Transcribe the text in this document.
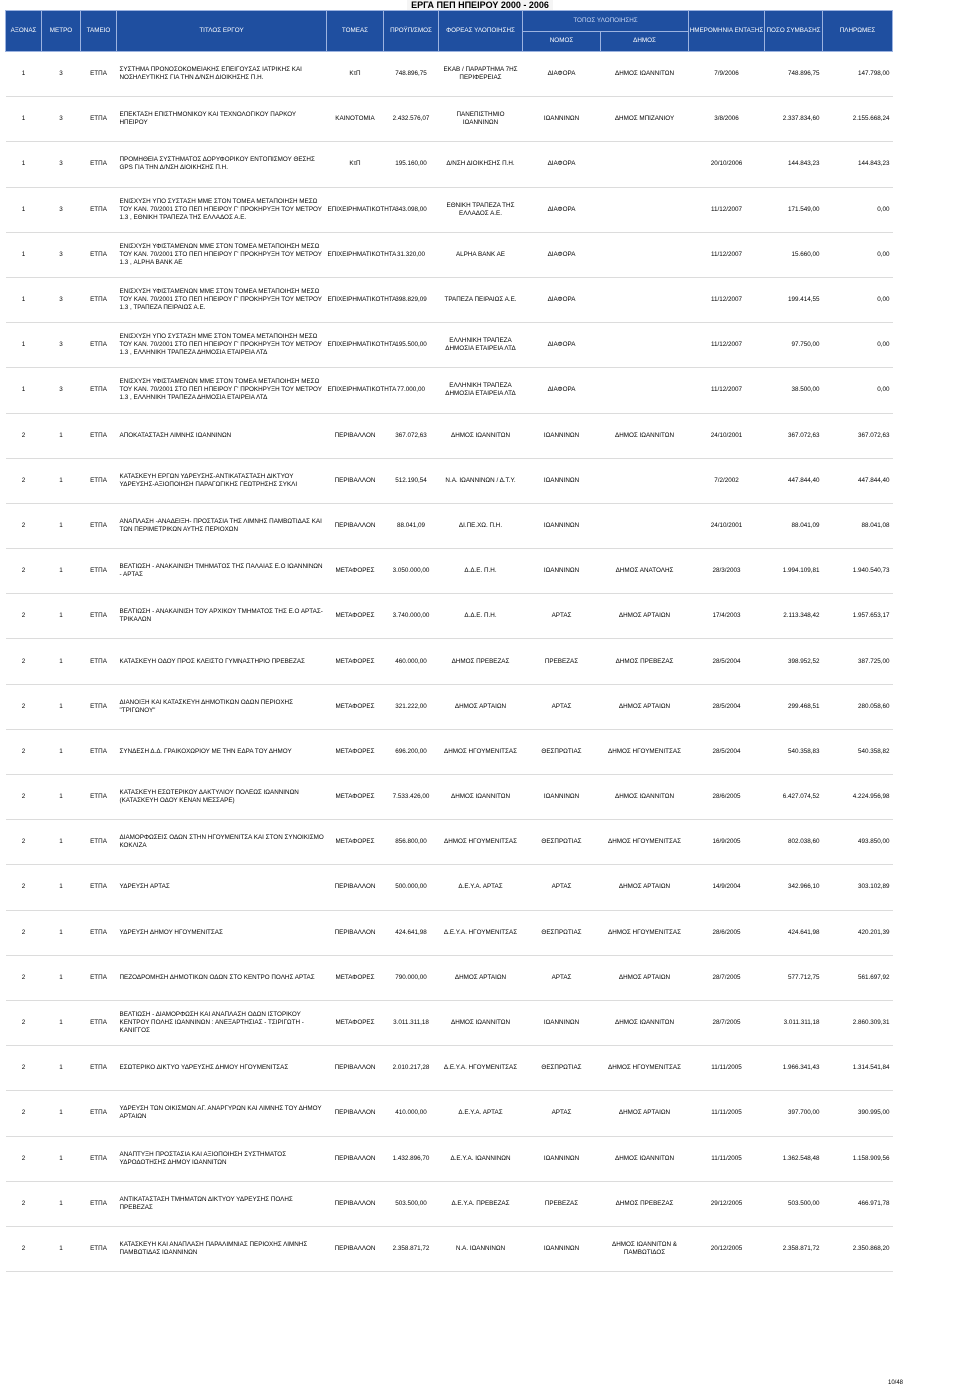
ΕΡΓΑ ΠΕΠ ΗΠΕΙΡΟΥ 2000 - 2006
ΑΞΟΝΑΣ	ΜΕΤΡΟ	ΤΑΜΕΙΟ	ΤΙΤΛΟΣ ΕΡΓΟΥ	ΤΟΜΕΑΣ	ΠΡΟΫΠ/ΣΜΟΣ	ΦΟΡΕΑΣ ΥΛΟΠΟΙΗΣΗΣ	ΤΟΠΟΣ ΥΛΟΠΟΙΗΣΗΣ		ΗΜΕΡΟΜΗΝΙΑ ΕΝΤΑΞΗΣ	ΠΟΣΟ ΣΥΜΒΑΣΗΣ	ΠΛΗΡΩΜΕΣ
							ΝΟΜΟΣ	ΔΗΜΟΣ			
1	3	ΕΤΠΑ	ΣΥΣΤΗΜΑ ΠΡΟΝΟΣΟΚΟΜΕΙΑΚΗΣ ΕΠΕΙΓΟΥΣΑΣ ΙΑΤΡΙΚΗΣ ΚΑΙ ΝΟΣΗΛΕΥΤΙΚΗΣ ΓΙΑ ΤΗΝ Δ/ΝΣΗ ΔΙΟΙΚΗΣΗΣ Π.Η.	ΚτΠ	748.896,75	ΕΚΑΒ / ΠΑΡΑΡΤΗΜΑ 7ΗΣ ΠΕΡΙΦΕΡΕΙΑΣ	ΔΙΑΦΟΡΑ	ΔΗΜΟΣ ΙΩΑΝΝΙΤΩΝ	7/9/2006	748.896,75	147.798,00
1	3	ΕΤΠΑ	ΕΠΕΚΤΑΣΗ ΕΠΙΣΤΗΜΟΝΙΚΟΥ ΚΑΙ ΤΕΧΝΟΛΟΓΙΚΟΥ ΠΑΡΚΟΥ ΗΠΕΙΡΟΥ	ΚΑΙΝΟΤΟΜΙΑ	2.432.576,07	ΠΑΝΕΠΙΣΤΗΜΙΟ ΙΩΑΝΝΙΝΩΝ	ΙΩΑΝΝΙΝΩΝ	ΔΗΜΟΣ ΜΠΙΖΑΝΙΟΥ	3/8/2006	2.337.834,60	2.155.668,24
1	3	ΕΤΠΑ	ΠΡΟΜΗΘΕΙΑ ΣΥΣΤΗΜΑΤΟΣ ΔΟΡΥΦΟΡΙΚΟΥ ΕΝΤΟΠΙΣΜΟΥ ΘΕΣΗΣ GPS ΓΙΑ ΤΗΝ Δ/ΝΣΗ ΔΙΟΙΚΗΣΗΣ Π.Η.	ΚτΠ	195.160,00	Δ/ΝΣΗ ΔΙΟΙΚΗΣΗΣ Π.Η.	ΔΙΑΦΟΡΑ		20/10/2006	144.843,23	144.843,23
1	3	ΕΤΠΑ	ΕΝΙΣΧΥΣΗ ΥΠΟ ΣΥΣΤΑΣΗ ΜΜΕ ΣΤΟΝ ΤΟΜΕΑ ΜΕΤΑΠΟΙΗΣΗ ΜΕΣΩ ΤΟΥ ΚΑΝ. 70/2001 ΣΤΟ ΠΕΠ ΗΠΕΙΡΟΥ Γ' ΠΡΟΚΗΡΥΞΗ ΤΟΥ ΜΕΤΡΟΥ 1.3 , ΕΘΝΙΚΗ ΤΡΑΠΕΖΑ ΤΗΣ ΕΛΛΑΔΟΣ Α.Ε.	ΕΠΙΧΕΙΡΗΜΑΤΙΚΟΤΗΤΑ	343.098,00	ΕΘΝΙΚΗ ΤΡΑΠΕΖΑ ΤΗΣ ΕΛΛΑΔΟΣ Α.Ε.	ΔΙΑΦΟΡΑ		11/12/2007	171.549,00	0,00
1	3	ΕΤΠΑ	ΕΝΙΣΧΥΣΗ ΥΦΙΣΤΑΜΕΝΩΝ ΜΜΕ ΣΤΟΝ ΤΟΜΕΑ ΜΕΤΑΠΟΙΗΣΗ ΜΕΣΩ ΤΟΥ ΚΑΝ. 70/2001 ΣΤΟ ΠΕΠ ΗΠΕΙΡΟΥ Γ' ΠΡΟΚΗΡΥΞΗ ΤΟΥ ΜΕΤΡΟΥ 1.3 , ALPHA BANK AE	ΕΠΙΧΕΙΡΗΜΑΤΙΚΟΤΗΤΑ	31.320,00	ALPHA BANK AE	ΔΙΑΦΟΡΑ		11/12/2007	15.660,00	0,00
1	3	ΕΤΠΑ	ΕΝΙΣΧΥΣΗ ΥΦΙΣΤΑΜΕΝΩΝ ΜΜΕ ΣΤΟΝ ΤΟΜΕΑ ΜΕΤΑΠΟΙΗΣΗ ΜΕΣΩ ΤΟΥ ΚΑΝ. 70/2001 ΣΤΟ ΠΕΠ ΗΠΕΙΡΟΥ Γ' ΠΡΟΚΗΡΥΞΗ ΤΟΥ ΜΕΤΡΟΥ 1.3 , ΤΡΑΠΕΖΑ ΠΕΙΡΑΙΩΣ Α.Ε.	ΕΠΙΧΕΙΡΗΜΑΤΙΚΟΤΗΤΑ	398.829,09	ΤΡΑΠΕΖΑ ΠΕΙΡΑΙΩΣ Α.Ε.	ΔΙΑΦΟΡΑ		11/12/2007	199.414,55	0,00
1	3	ΕΤΠΑ	ΕΝΙΣΧΥΣΗ ΥΠΟ ΣΥΣΤΑΣΗ ΜΜΕ ΣΤΟΝ ΤΟΜΕΑ ΜΕΤΑΠΟΙΗΣΗ ΜΕΣΩ ΤΟΥ ΚΑΝ. 70/2001 ΣΤΟ ΠΕΠ ΗΠΕΙΡΟΥ Γ' ΠΡΟΚΗΡΥΞΗ ΤΟΥ ΜΕΤΡΟΥ 1.3 , ΕΛΛΗΝΙΚΗ ΤΡΑΠΕΖΑ ΔΗΜΟΣΙΑ ΕΤΑΙΡΕΙΑ ΛΤΔ	ΕΠΙΧΕΙΡΗΜΑΤΙΚΟΤΗΤΑ	195.500,00	ΕΛΛΗΝΙΚΗ ΤΡΑΠΕΖΑ ΔΗΜΟΣΙΑ ΕΤΑΙΡΕΙΑ ΛΤΔ	ΔΙΑΦΟΡΑ		11/12/2007	97.750,00	0,00
1	3	ΕΤΠΑ	ΕΝΙΣΧΥΣΗ ΥΦΙΣΤΑΜΕΝΩΝ ΜΜΕ ΣΤΟΝ ΤΟΜΕΑ ΜΕΤΑΠΟΙΗΣΗ ΜΕΣΩ ΤΟΥ ΚΑΝ. 70/2001 ΣΤΟ ΠΕΠ ΗΠΕΙΡΟΥ Γ' ΠΡΟΚΗΡΥΞΗ ΤΟΥ ΜΕΤΡΟΥ 1.3 , ΕΛΛΗΝΙΚΗ ΤΡΑΠΕΖΑ ΔΗΜΟΣΙΑ ΕΤΑΙΡΕΙΑ ΛΤΔ	ΕΠΙΧΕΙΡΗΜΑΤΙΚΟΤΗΤΑ	77.000,00	ΕΛΛΗΝΙΚΗ ΤΡΑΠΕΖΑ ΔΗΜΟΣΙΑ ΕΤΑΙΡΕΙΑ ΛΤΔ	ΔΙΑΦΟΡΑ		11/12/2007	38.500,00	0,00
2	1	ΕΤΠΑ	ΑΠΟΚΑΤΑΣΤΑΣΗ ΛΙΜΝΗΣ ΙΩΑΝΝΙΝΩΝ	ΠΕΡΙΒΑΛΛΟΝ	367.072,63	ΔΗΜΟΣ ΙΩΑΝΝΙΤΩΝ	ΙΩΑΝΝΙΝΩΝ	ΔΗΜΟΣ ΙΩΑΝΝΙΤΩΝ	24/10/2001	367.072,63	367.072,63
2	1	ΕΤΠΑ	ΚΑΤΑΣΚΕΥΗ ΕΡΓΩΝ ΥΔΡΕΥΣΗΣ-ΑΝΤΙΚΑΤΑΣΤΑΣΗ ΔΙΚΤΥΟΥ ΥΔΡΕΥΣΗΣ-ΑΞΙΟΠΟΙΗΣΗ ΠΑΡΑΓΩΓΙΚΗΣ ΓΕΩΤΡΗΣΗΣ ΣΥΚΛΙ	ΠΕΡΙΒΑΛΛΟΝ	512.190,54	Ν.Α. ΙΩΑΝΝΙΝΩΝ / Δ.Τ.Υ.	ΙΩΑΝΝΙΝΩΝ		7/2/2002	447.844,40	447.844,40
2	1	ΕΤΠΑ	ΑΝΑΠΛΑΣΗ -ΑΝΑΔΕΙΞΗ- ΠΡΟΣΤΑΣΙΑ ΤΗΣ ΛΙΜΝΗΣ ΠΑΜΒΩΤΙΔΑΣ ΚΑΙ ΤΩΝ ΠΕΡΙΜΕΤΡΙΚΩΝ ΑΥΤΗΣ ΠΕΡΙΟΧΩΝ	ΠΕΡΙΒΑΛΛΟΝ	88.041,09	ΔΙ.ΠΕ.ΧΩ. Π.Η.	ΙΩΑΝΝΙΝΩΝ		24/10/2001	88.041,09	88.041,08
2	1	ΕΤΠΑ	ΒΕΛΤΙΩΣΗ - ΑΝΑΚΑΙΝΙΣΗ ΤΜΗΜΑΤΟΣ ΤΗΣ ΠΑΛΑΙΑΣ Ε.Ο ΙΩΑΝΝΙΝΩΝ - ΑΡΤΑΣ	ΜΕΤΑΦΟΡΕΣ	3.050.000,00	Δ.Δ.Ε. Π.Η.	ΙΩΑΝΝΙΝΩΝ	ΔΗΜΟΣ ΑΝΑΤΟΛΗΣ	28/3/2003	1.994.109,81	1.940.540,73
2	1	ΕΤΠΑ	ΒΕΛΤΙΩΣΗ - ΑΝΑΚΑΙΝΙΣΗ ΤΟΥ ΑΡΧΙΚΟΥ ΤΜΗΜΑΤΟΣ ΤΗΣ Ε.Ο ΑΡΤΑΣ-ΤΡΙΚΑΛΩΝ	ΜΕΤΑΦΟΡΕΣ	3.740.000,00	Δ.Δ.Ε. Π.Η.	ΑΡΤΑΣ	ΔΗΜΟΣ ΑΡΤΑΙΩΝ	17/4/2003	2.113.348,42	1.957.653,17
2	1	ΕΤΠΑ	ΚΑΤΑΣΚΕΥΗ ΟΔΟΥ ΠΡΟΣ ΚΛΕΙΣΤΟ ΓΥΜΝΑΣΤΗΡΙΟ ΠΡΕΒΕΖΑΣ	ΜΕΤΑΦΟΡΕΣ	460.000,00	ΔΗΜΟΣ ΠΡΕΒΕΖΑΣ	ΠΡΕΒΕΖΑΣ	ΔΗΜΟΣ ΠΡΕΒΕΖΑΣ	28/5/2004	398.952,52	387.725,00
2	1	ΕΤΠΑ	ΔΙΑΝΟΙΞΗ ΚΑΙ ΚΑΤΑΣΚΕΥΗ ΔΗΜΟΤΙΚΩΝ ΟΔΩΝ ΠΕΡΙΟΧΗΣ "ΤΡΙΓΩΝΟΥ"	ΜΕΤΑΦΟΡΕΣ	321.222,00	ΔΗΜΟΣ ΑΡΤΑΙΩΝ	ΑΡΤΑΣ	ΔΗΜΟΣ ΑΡΤΑΙΩΝ	28/5/2004	299.468,51	280.058,60
2	1	ΕΤΠΑ	ΣΥΝΔΕΣΗ Δ.Δ. ΓΡΑΙΚΟΧΩΡΙΟΥ ΜΕ ΤΗΝ ΕΔΡΑ ΤΟΥ ΔΗΜΟΥ	ΜΕΤΑΦΟΡΕΣ	696.200,00	ΔΗΜΟΣ ΗΓΟΥΜΕΝΙΤΣΑΣ	ΘΕΣΠΡΩΤΙΑΣ	ΔΗΜΟΣ ΗΓΟΥΜΕΝΙΤΣΑΣ	28/5/2004	540.358,83	540.358,82
2	1	ΕΤΠΑ	ΚΑΤΑΣΚΕΥΗ ΕΣΩΤΕΡΙΚΟΥ ΔΑΚΤΥΛΙΟΥ ΠΟΛΕΩΣ ΙΩΑΝΝΙΝΩΝ (ΚΑΤΑΣΚΕΥΗ ΟΔΟΥ ΚΕΝΑΝ ΜΕΣΣΑΡΕ)	ΜΕΤΑΦΟΡΕΣ	7.533.426,00	ΔΗΜΟΣ ΙΩΑΝΝΙΤΩΝ	ΙΩΑΝΝΙΝΩΝ	ΔΗΜΟΣ ΙΩΑΝΝΙΤΩΝ	28/6/2005	6.427.074,52	4.224.956,98
2	1	ΕΤΠΑ	ΔΙΑΜΟΡΦΩΣΕΙΣ ΟΔΩΝ ΣΤΗΝ ΗΓΟΥΜΕΝΙΤΣΑ ΚΑΙ ΣΤΟΝ ΣΥΝΟΙΚΙΣΜΟ ΚΟΚΛΙΖΑ	ΜΕΤΑΦΟΡΕΣ	856.800,00	ΔΗΜΟΣ ΗΓΟΥΜΕΝΙΤΣΑΣ	ΘΕΣΠΡΩΤΙΑΣ	ΔΗΜΟΣ ΗΓΟΥΜΕΝΙΤΣΑΣ	16/9/2005	802.038,60	493.850,00
2	1	ΕΤΠΑ	ΥΔΡΕΥΣΗ ΑΡΤΑΣ	ΠΕΡΙΒΑΛΛΟΝ	500.000,00	Δ.Ε.Υ.Α. ΑΡΤΑΣ	ΑΡΤΑΣ	ΔΗΜΟΣ ΑΡΤΑΙΩΝ	14/9/2004	342.966,10	303.102,89
2	1	ΕΤΠΑ	ΥΔΡΕΥΣΗ ΔΗΜΟΥ ΗΓΟΥΜΕΝΙΤΣΑΣ	ΠΕΡΙΒΑΛΛΟΝ	424.641,98	Δ.Ε.Υ.Α. ΗΓΟΥΜΕΝΙΤΣΑΣ	ΘΕΣΠΡΩΤΙΑΣ	ΔΗΜΟΣ ΗΓΟΥΜΕΝΙΤΣΑΣ	28/6/2005	424.641,98	420.201,39
2	1	ΕΤΠΑ	ΠΕΖΟΔΡΟΜΗΣΗ ΔΗΜΟΤΙΚΩΝ ΟΔΩΝ ΣΤΟ ΚΕΝΤΡΟ ΠΟΛΗΣ ΑΡΤΑΣ	ΜΕΤΑΦΟΡΕΣ	790.000,00	ΔΗΜΟΣ ΑΡΤΑΙΩΝ	ΑΡΤΑΣ	ΔΗΜΟΣ ΑΡΤΑΙΩΝ	28/7/2005	577.712,75	561.697,92
2	1	ΕΤΠΑ	ΒΕΛΤΙΩΣΗ - ΔΙΑΜΟΡΦΩΣΗ ΚΑΙ ΑΝΑΠΛΑΣΗ ΟΔΩΝ ΙΣΤΟΡΙΚΟΥ ΚΕΝΤΡΟΥ ΠΟΛΗΣ ΙΩΑΝΝΙΝΩΝ : ΑΝΕΞΑΡΤΗΣΙΑΣ - ΤΣΙΡΙΓΩΤΗ - ΚΑΝΙΓΓΟΣ	ΜΕΤΑΦΟΡΕΣ	3.011.311,18	ΔΗΜΟΣ ΙΩΑΝΝΙΤΩΝ	ΙΩΑΝΝΙΝΩΝ	ΔΗΜΟΣ ΙΩΑΝΝΙΤΩΝ	28/7/2005	3.011.311,18	2.860.309,31
2	1	ΕΤΠΑ	ΕΣΩΤΕΡΙΚΟ ΔΙΚΤΥΟ ΥΔΡΕΥΣΗΣ ΔΗΜΟΥ ΗΓΟΥΜΕΝΙΤΣΑΣ	ΠΕΡΙΒΑΛΛΟΝ	2.010.217,28	Δ.Ε.Υ.Α. ΗΓΟΥΜΕΝΙΤΣΑΣ	ΘΕΣΠΡΩΤΙΑΣ	ΔΗΜΟΣ ΗΓΟΥΜΕΝΙΤΣΑΣ	11/11/2005	1.966.341,43	1.314.541,84
2	1	ΕΤΠΑ	ΥΔΡΕΥΣΗ ΤΩΝ ΟΙΚΙΣΜΩΝ ΑΓ. ΑΝΑΡΓΥΡΩΝ ΚΑΙ ΛΙΜΝΗΣ ΤΟΥ ΔΗΜΟΥ ΑΡΤΑΙΩΝ	ΠΕΡΙΒΑΛΛΟΝ	410.000,00	Δ.Ε.Υ.Α. ΑΡΤΑΣ	ΑΡΤΑΣ	ΔΗΜΟΣ ΑΡΤΑΙΩΝ	11/11/2005	397.700,00	390.995,00
2	1	ΕΤΠΑ	ΑΝΑΠΤΥΞΗ ΠΡΟΣΤΑΣΙΑ ΚΑΙ ΑΞΙΟΠΟΙΗΣΗ ΣΥΣΤΗΜΑΤΟΣ ΥΔΡΟΔΟΤΗΣΗΣ ΔΗΜΟΥ ΙΩΑΝΝΙΤΩΝ	ΠΕΡΙΒΑΛΛΟΝ	1.432.896,70	Δ.Ε.Υ.Α. ΙΩΑΝΝΙΝΩΝ	ΙΩΑΝΝΙΝΩΝ	ΔΗΜΟΣ ΙΩΑΝΝΙΤΩΝ	11/11/2005	1.362.548,48	1.158.909,56
2	1	ΕΤΠΑ	ΑΝΤΙΚΑΤΑΣΤΑΣΗ ΤΜΗΜΑΤΩΝ ΔΙΚΤΥΟΥ ΥΔΡΕΥΣΗΣ ΠΟΛΗΣ ΠΡΕΒΕΖΑΣ	ΠΕΡΙΒΑΛΛΟΝ	503.500,00	Δ.Ε.Υ.Α. ΠΡΕΒΕΖΑΣ	ΠΡΕΒΕΖΑΣ	ΔΗΜΟΣ ΠΡΕΒΕΖΑΣ	29/12/2005	503.500,00	466.971,78
2	1	ΕΤΠΑ	ΚΑΤΑΣΚΕΥΗ ΚΑΙ ΑΝΑΠΛΑΣΗ ΠΑΡΑΛΙΜΝΙΑΣ ΠΕΡΙΟΧΗΣ ΛΙΜΝΗΣ ΠΑΜΒΩΤΙΔΑΣ ΙΩΑΝΝΙΝΩΝ	ΠΕΡΙΒΑΛΛΟΝ	2.358.871,72	Ν.Α. ΙΩΑΝΝΙΝΩΝ	ΙΩΑΝΝΙΝΩΝ	ΔΗΜΟΣ ΙΩΑΝΝΙΤΩΝ & ΠΑΜΒΩΤΙΔΟΣ	20/12/2005	2.358.871,72	2.350.868,20
10/48
